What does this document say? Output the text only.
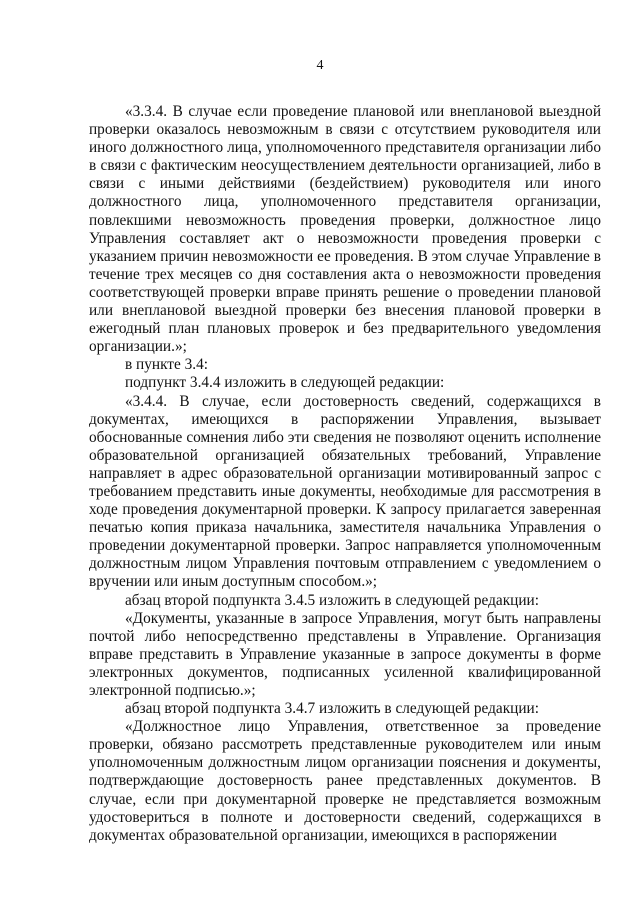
4

«3.3.4. В случае если проведение плановой или внеплановой выездной проверки оказалось невозможным в связи с отсутствием руководителя или иного должностного лица, уполномоченного представителя организации либо в связи с фактическим неосуществлением деятельности организацией, либо в связи с иными действиями (бездействием) руководителя или иного должностного лица, уполномоченного представителя организации, повлекшими невозможность проведения проверки, должностное лицо Управления составляет акт о невозможности проведения проверки с указанием причин невозможности ее проведения. В этом случае Управление в течение трех месяцев со дня составления акта о невозможности проведения соответствующей проверки вправе принять решение о проведении плановой или внеплановой выездной проверки без внесения плановой проверки в ежегодный план плановых проверок и без предварительного уведомления организации.»;

в пункте 3.4:

подпункт 3.4.4 изложить в следующей редакции:

«3.4.4. В случае, если достоверность сведений, содержащихся в документах, имеющихся в распоряжении Управления, вызывает обоснованные сомнения либо эти сведения не позволяют оценить исполнение образовательной организацией обязательных требований, Управление направляет в адрес образовательной организации мотивированный запрос с требованием представить иные документы, необходимые для рассмотрения в ходе проведения документарной проверки. К запросу прилагается заверенная печатью копия приказа начальника, заместителя начальника Управления о проведении документарной проверки. Запрос направляется уполномоченным должностным лицом Управления почтовым отправлением с уведомлением о вручении или иным доступным способом.»;

абзац второй подпункта 3.4.5 изложить в следующей редакции:

«Документы, указанные в запросе Управления, могут быть направлены почтой либо непосредственно представлены в Управление. Организация вправе представить в Управление указанные в запросе документы в форме электронных документов, подписанных усиленной квалифицированной электронной подписью.»;

абзац второй подпункта 3.4.7 изложить в следующей редакции:

«Должностное лицо Управления, ответственное за проведение проверки, обязано рассмотреть представленные руководителем или иным уполномоченным должностным лицом организации пояснения и документы, подтверждающие достоверность ранее представленных документов. В случае, если при документарной проверке не представляется возможным удостовериться в полноте и достоверности сведений, содержащихся в документах образовательной организации, имеющихся в распоряжении
